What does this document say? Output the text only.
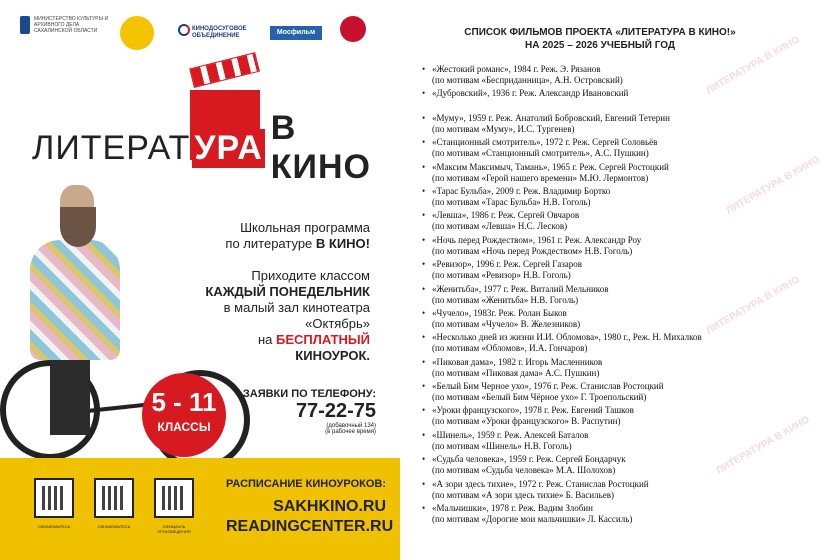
МИНИСТЕРСТВО КУЛЬТУРЫ И АРХИВНОГО ДЕЛА САХАЛИНСКОЙ ОБЛАСТИ	КИНОДОСУГОВОЕ ОБЪЕДИНЕНИЕ	Мосфильм
ЛИТЕРАТ УРА
В КИНО
Школьная программа
по литературе В КИНО!
Приходите классом
КАЖДЫЙ ПОНЕДЕЛЬНИК
в малый зал кинотеатра
«Октябрь»
на БЕСПЛАТНЫЙ
КИНОУРОК.
5 - 11
КЛАССЫ
ЗАЯВКИ ПО ТЕЛЕФОНУ:
77-22-75
(добавочный 134)
(в рабочее время)
ОЗНАКОМЬТЕСЬ	ОЗНАКОМЬТЕСЬ	ОФИЦИАЛЬ ПРОИЗВЕДЕНИЯ
РАСПИСАНИЕ КИНОУРОКОВ:
SAKHKINO.RU
READINGCENTER.RU
ЛИТЕРАТУРА В КИНО
ЛИТЕРАТУРА В КИНО
ЛИТЕРАТУРА В КИНО
ЛИТЕРАТУРА В КИНО
СПИСОК ФИЛЬМОВ ПРОЕКТА «ЛИТЕРАТУРА В КИНО!»
НА 2025 – 2026 УЧЕБНЫЙ ГОД
• «Жестокий романс», 1984 г. Реж. Э. Рязанов
(по мотивам «Бесприданница», А.Н. Островский)
• «Дубровский», 1936 г. Реж. Александр Ивановский
• «Муму», 1959 г. Реж. Анатолий Бобровский, Евгений Тетерин
(по мотивам «Муму», И.С. Тургенев)
• «Станционный смотритель», 1972 г. Реж. Сергей Соловьёв
(по мотивам «Станционный смотритель», А.С. Пушкин)
• «Максим Максимыч, Тамань», 1965 г. Реж. Сергей Ростоцкий
(по мотивам «Герой нашего времени» М.Ю. Лермонтов)
• «Тарас Бульба», 2009 г. Реж. Владимир Бортко
(по мотивам «Тарас Бульба» Н.В. Гоголь)
• «Левша», 1986 г. Реж. Сергей Овчаров
(по мотивам «Левша» Н.С. Лесков)
• «Ночь перед Рождеством», 1961 г. Реж. Александр Роу
(по мотивам «Ночь перед Рождеством» Н.В. Гоголь)
• «Ревизор», 1996 г. Реж. Сергей Газаров
(по мотивам «Ревизор» Н.В. Гоголь)
• «Женитьба», 1977 г. Реж. Виталий Мельников
(по мотивам «Женитьба» Н.В. Гоголь)
• «Чучело», 1983г. Реж. Ролан Быков
(по мотивам «Чучело» В. Железников)
• «Несколько дней из жизни И.И. Обломова», 1980 г., Реж. Н. Михалков
(по мотивам «Обломов», И.А. Гончаров)
• «Пиковая дама», 1982 г. Игорь Масленников
(по мотивам «Пиковая дама» А.С. Пушкин)
• «Белый Бим Черное ухо», 1976 г. Реж. Станислав Ростоцкий
(по мотивам «Белый Бим Чёрное ухо» Г. Троепольский)
• «Уроки французского», 1978 г. Реж. Евгений Ташков
(по мотивам «Уроки французского» В. Распутин)
• «Шинель», 1959 г. Реж. Алексей Баталов
(по мотивам «Шинель» Н.В. Гоголь)
• «Судьба человека», 1959 г. Реж. Сергей Бондарчук
(по мотивам «Судьба человека» М.А. Шолохов)
• «А зори здесь тихие», 1972 г. Реж. Станислав Ростоцкий
(по мотивам «А зори здесь тихие» Б. Васильев)
• «Мальчишки», 1978 г. Реж. Вадим Злобин
(по мотивам «Дорогие мои мальчишки» Л. Кассиль)
